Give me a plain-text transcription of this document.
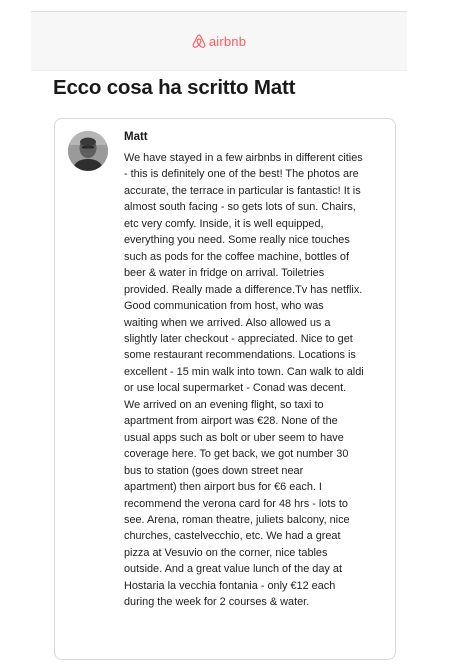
airbnb
Ecco cosa ha scritto Matt
Matt

We have stayed in a few airbnbs in different cities
- this is definitely one of the best! The photos are
accurate, the terrace in particular is fantastic! It is
almost south facing - so gets lots of sun. Chairs,
etc very comfy. Inside, it is well equipped,
everything you need. Some really nice touches
such as pods for the coffee machine, bottles of
beer & water in fridge on arrival. Toiletries
provided. Really made a difference.Tv has netflix.
Good communication from host, who was
waiting when we arrived. Also allowed us a
slightly later checkout - appreciated. Nice to get
some restaurant recommendations. Locations is
excellent - 15 min walk into town. Can walk to aldi
or use local supermarket - Conad was decent.
We arrived on an evening flight, so taxi to
apartment from airport was €28. None of the
usual apps such as bolt or uber seem to have
coverage here. To get back, we got number 30
bus to station (goes down street near
apartment) then airport bus for €6 each. I
recommend the verona card for 48 hrs - lots to
see. Arena, roman theatre, juliets balcony, nice
churches, castelvecchio, etc. We had a great
pizza at Vesuvio on the corner, nice tables
outside. And a great value lunch of the day at
Hostaria la vecchia fontania - only €12 each
during the week for 2 courses & water.
